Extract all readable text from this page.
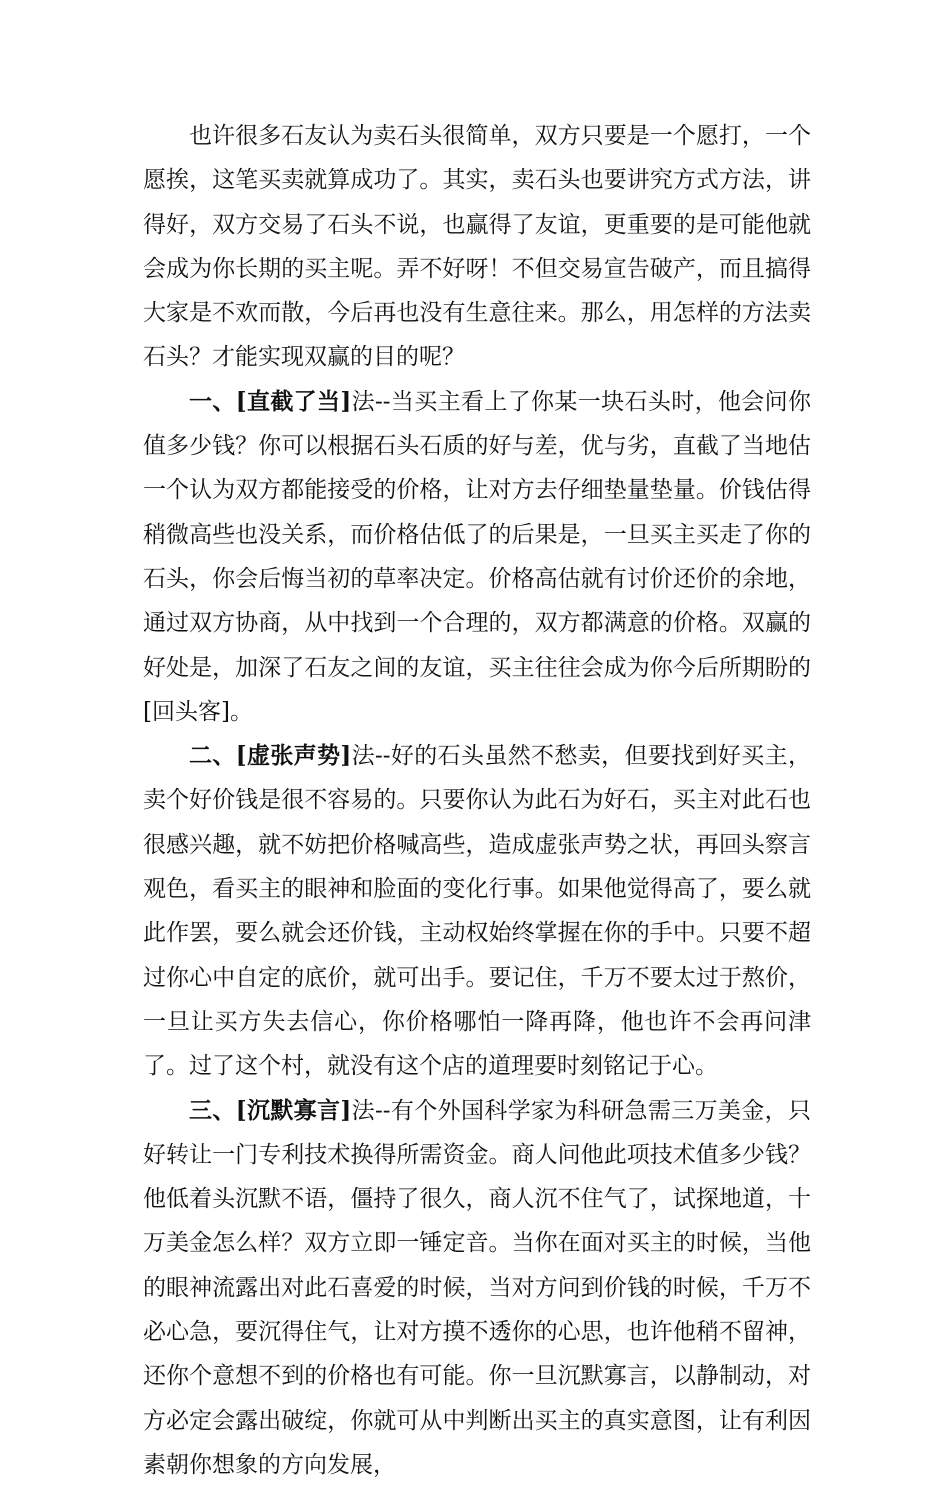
也许很多石友认为卖石头很简单，双方只要是一个愿打，一个愿挨，这笔买卖就算成功了。其实，卖石头也要讲究方式方法，讲得好，双方交易了石头不说，也赢得了友谊，更重要的是可能他就会成为你长期的买主呢。弄不好呀！不但交易宣告破产，而且搞得大家是不欢而散，今后再也没有生意往来。那么，用怎样的方法卖石头？才能实现双赢的目的呢？

一、[直截了当]法--当买主看上了你某一块石头时，他会问你值多少钱？你可以根据石头石质的好与差，优与劣，直截了当地估一个认为双方都能接受的价格，让对方去仔细垫量垫量。价钱估得稍微高些也没关系，而价格估低了的后果是，一旦买主买走了你的石头，你会后悔当初的草率决定。价格高估就有讨价还价的余地，通过双方协商，从中找到一个合理的，双方都满意的价格。双赢的好处是，加深了石友之间的友谊，买主往往会成为你今后所期盼的[回头客]。

二、[虚张声势]法--好的石头虽然不愁卖，但要找到好买主，卖个好价钱是很不容易的。只要你认为此石为好石，买主对此石也很感兴趣，就不妨把价格喊高些，造成虚张声势之状，再回头察言观色，看买主的眼神和脸面的变化行事。如果他觉得高了，要么就此作罢，要么就会还价钱，主动权始终掌握在你的手中。只要不超过你心中自定的底价，就可出手。要记住，千万不要太过于熬价，一旦让买方失去信心，你价格哪怕一降再降，他也许不会再问津了。过了这个村，就没有这个店的道理要时刻铭记于心。

三、[沉默寡言]法--有个外国科学家为科研急需三万美金，只好转让一门专利技术换得所需资金。商人问他此项技术值多少钱？他低着头沉默不语，僵持了很久，商人沉不住气了，试探地道，十万美金怎么样？双方立即一锤定音。当你在面对买主的时候，当他的眼神流露出对此石喜爱的时候，当对方问到价钱的时候，千万不必心急，要沉得住气，让对方摸不透你的心思，也许他稍不留神，还你个意想不到的价格也有可能。你一旦沉默寡言，以静制动，对方必定会露出破绽，你就可从中判断出买主的真实意图，让有利因素朝你想象的方向发展，
